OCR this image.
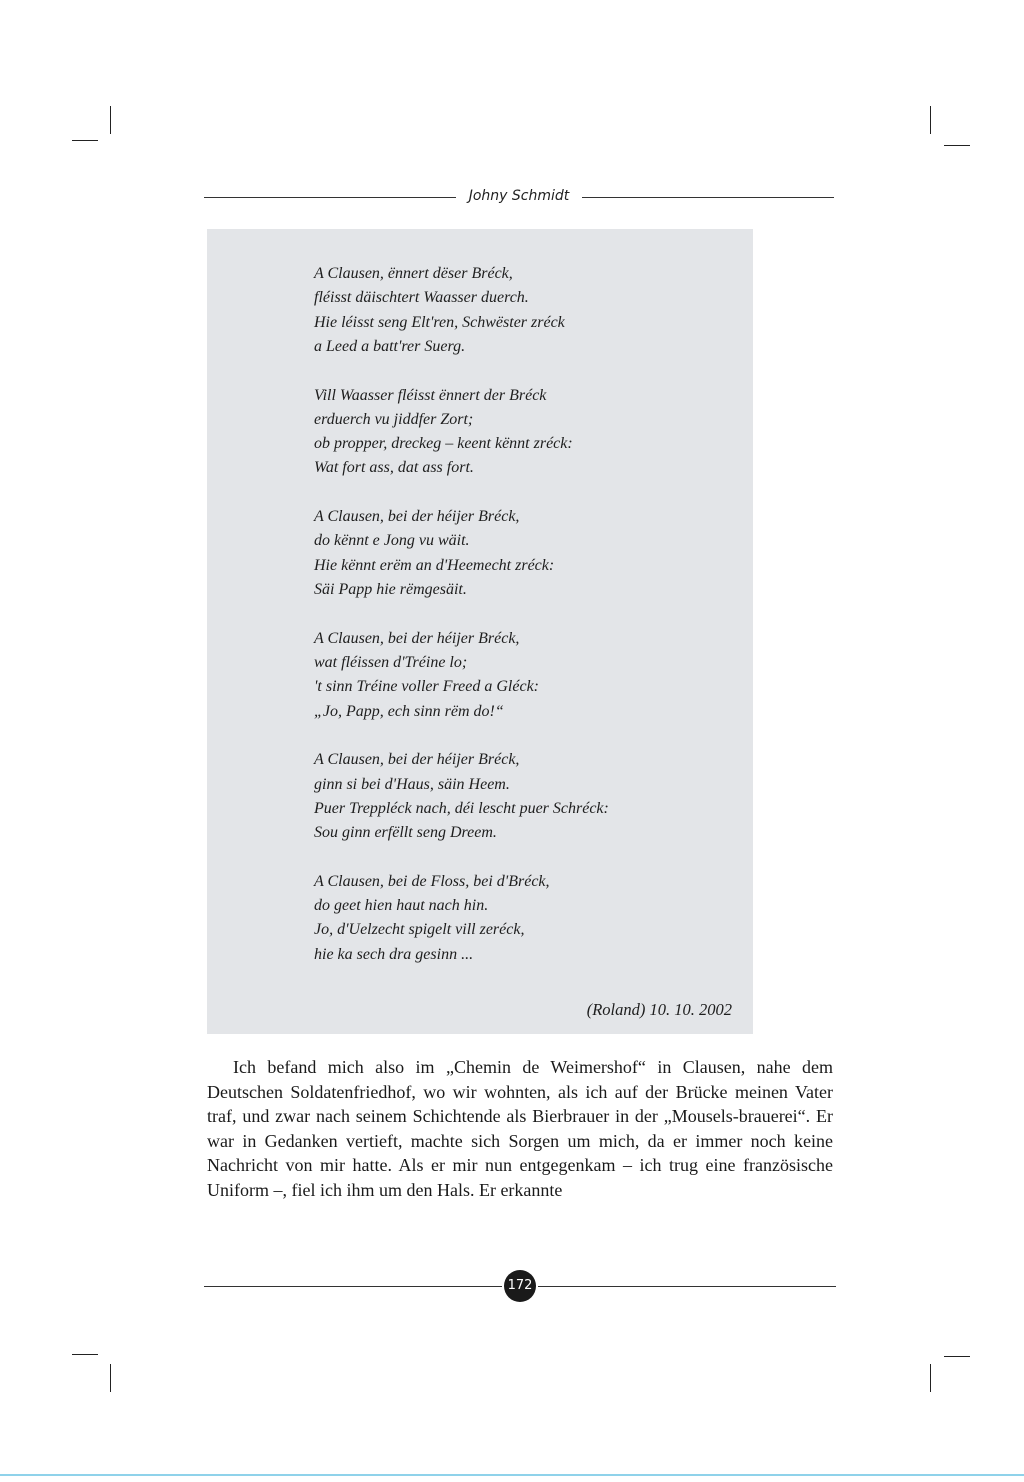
Johny Schmidt
A Clausen, ënnert dëser Bréck,
fléisst däischtert Waasser duerch.
Hie léisst seng Elt'ren, Schwëster zréck
a Leed a batt'rer Suerg.
Vill Waasser fléisst ënnert der Bréck
erduerch vu jiddfer Zort;
ob propper, dreckeg – keent kënnt zréck:
Wat fort ass, dat ass fort.
A Clausen, bei der héijer Bréck,
do kënnt e Jong vu wäit.
Hie kënnt erëm an d'Heemecht zréck:
Säi Papp hie rëmgesäit.
A Clausen, bei der héijer Bréck,
wat fléissen d'Tréine lo;
't sinn Tréine voller Freed a Gléck:
„Jo, Papp, ech sinn rëm do!“
A Clausen, bei der héijer Bréck,
ginn si bei d'Haus, säin Heem.
Puer Treppléck nach, déi lescht puer Schréck:
Sou ginn erfëllt seng Dreem.
A Clausen, bei de Floss, bei d'Bréck,
do geet hien haut nach hin.
Jo, d'Uelzecht spigelt vill zeréck,
hie ka sech dra gesinn ...
(Roland) 10. 10. 2002

Ich befand mich also im „Chemin de Weimershof“ in Clausen, nahe dem Deutschen Soldatenfriedhof, wo wir wohnten, als ich auf der Brücke meinen Vater traf, und zwar nach seinem Schichtende als Bierbrauer in der „Mousels-brauerei“. Er war in Gedanken vertieft, machte sich Sorgen um mich, da er immer noch keine Nachricht von mir hatte. Als er mir nun entgegenkam – ich trug eine französische Uniform –, fiel ich ihm um den Hals. Er erkannte

172
